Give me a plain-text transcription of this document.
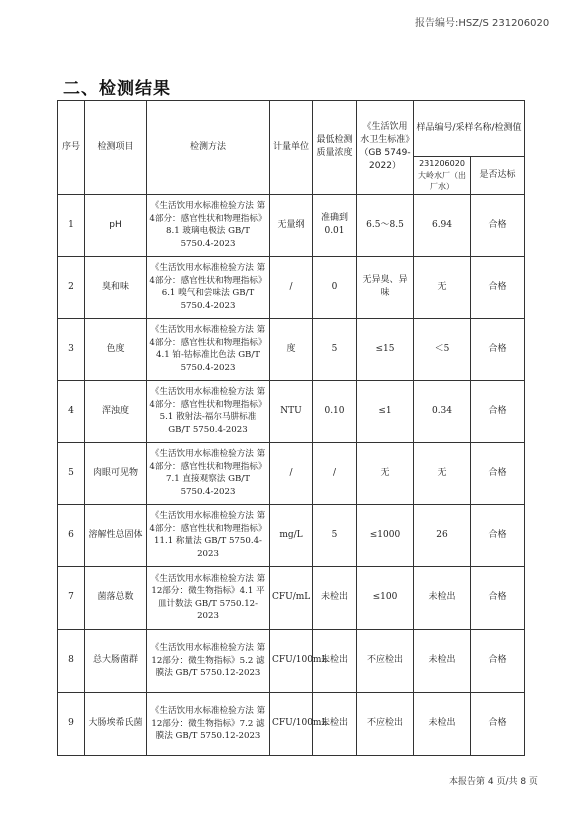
报告编号:HSZ/S 231206020
二、检测结果
序号	检测项目	检测方法	计量单位	最低检测质量浓度	《生活饮用水卫生标准》（GB 5749-2022）	样品编号/采样名称/检测值	

						231206020
大岭水厂（出厂水）	是否达标
1	pH	《生活饮用水标准检验方法 第4部分：感官性状和物理指标》8.1 玻璃电极法 GB/T 5750.4-2023	无量纲	准确到0.01	6.5～8.5	6.94	合格
2	臭和味	《生活饮用水标准检验方法 第4部分：感官性状和物理指标》6.1 嗅气和尝味法 GB/T 5750.4-2023	/	0	无异臭、异味	无	合格
3	色度	《生活饮用水标准检验方法 第4部分：感官性状和物理指标》4.1 铂-钴标准比色法 GB/T 5750.4-2023	度	5	≤15	＜5	合格
4	浑浊度	《生活饮用水标准检验方法 第4部分：感官性状和物理指标》5.1 散射法-福尔马肼标准 GB/T 5750.4-2023	NTU	0.10	≤1	0.34	合格
5	肉眼可见物	《生活饮用水标准检验方法 第4部分：感官性状和物理指标》7.1 直接观察法 GB/T 5750.4-2023	/	/	无	无	合格
6	溶解性总固体	《生活饮用水标准检验方法 第4部分：感官性状和物理指标》11.1 称量法 GB/T 5750.4-2023	mg/L	5	≤1000	26	合格
7	菌落总数	《生活饮用水标准检验方法 第12部分：微生物指标》4.1 平皿计数法 GB/T 5750.12-2023	CFU/mL	未检出	≤100	未检出	合格
8	总大肠菌群	《生活饮用水标准检验方法 第12部分：微生物指标》5.2 滤膜法 GB/T 5750.12-2023	CFU/100mL	未检出	不应检出	未检出	合格
9	大肠埃希氏菌	《生活饮用水标准检验方法 第12部分：微生物指标》7.2 滤膜法 GB/T 5750.12-2023	CFU/100mL	未检出	不应检出	未检出	合格
本报告第 4 页/共 8 页
